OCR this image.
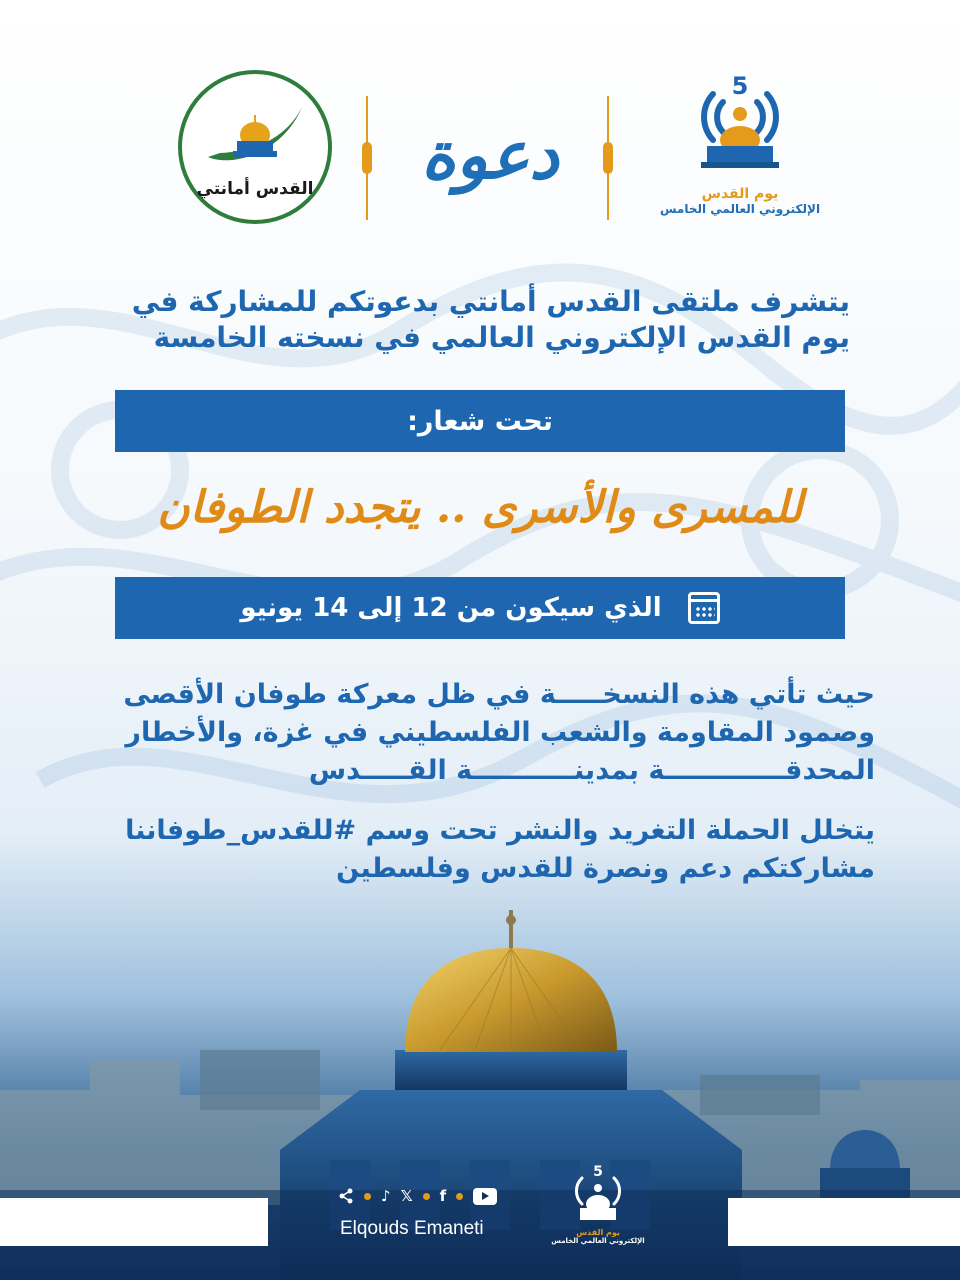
القدس أمانتي	دعوة
5
يوم القدس
الإلكتروني العالمي الخامس
يتشرف ملتقى القدس أمانتي بدعوتكم للمشاركة في
يوم القدس الإلكتروني العالمي في نسخته الخامسة
تحت شعار:
للمسرى والأسرى .. يتجدد الطوفان
الذي سيكون من 12 إلى 14 يونيو
حيث تأتي هذه النسخـــــة في ظل معركة طوفان الأقصى
وصمود المقاومة والشعب الفلسطيني في غزة، والأخطار
المحدقـــــــــــــة بمدينـــــــــــة القـــــدس
يتخلل الحملة التغريد والنشر تحت وسم #للقدس_طوفاننا
مشاركتكم دعم ونصرة للقدس وفلسطين
♪ 𝕏 f
Elqouds Emaneti
5
يوم القدس
الإلكتروني العالمي الخامس
